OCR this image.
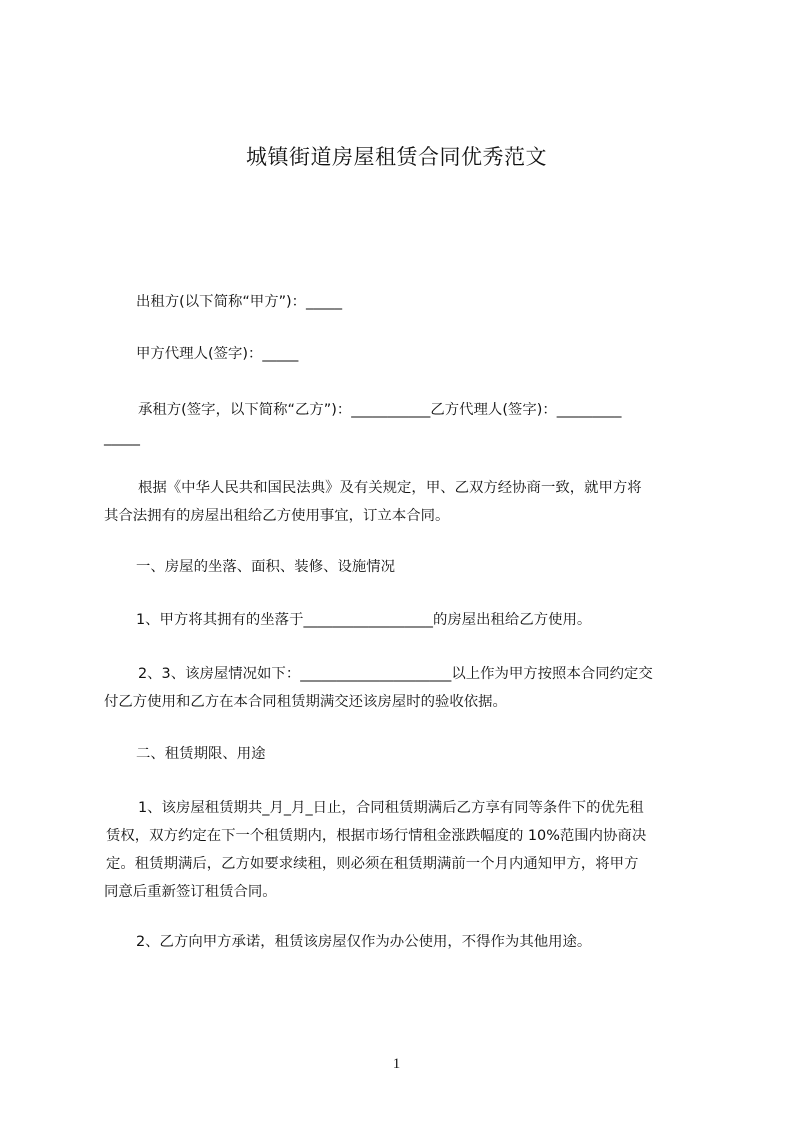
城镇街道房屋租赁合同优秀范文

出租方(以下简称“甲方”)：_____

甲方代理人(签字)：_____

承租方(签字，以下简称“乙方”)：___________乙方代理人(签字)：_________
_____

根据《中华人民共和国民法典》及有关规定，甲、乙双方经协商一致，就甲方将
其合法拥有的房屋出租给乙方使用事宜，订立本合同。

一、房屋的坐落、面积、装修、设施情况

1、甲方将其拥有的坐落于__________________的房屋出租给乙方使用。

2、3、该房屋情况如下：_____________________以上作为甲方按照本合同约定交
付乙方使用和乙方在本合同租赁期满交还该房屋时的验收依据。

二、租赁期限、用途

1、该房屋租赁期共_月_月_日止，合同租赁期满后乙方享有同等条件下的优先租
赁权，双方约定在下一个租赁期内，根据市场行情租金涨跌幅度的 10%范围内协商决
定。租赁期满后，乙方如要求续租，则必须在租赁期满前一个月内通知甲方，将甲方
同意后重新签订租赁合同。

2、乙方向甲方承诺，租赁该房屋仅作为办公使用，不得作为其他用途。

1
